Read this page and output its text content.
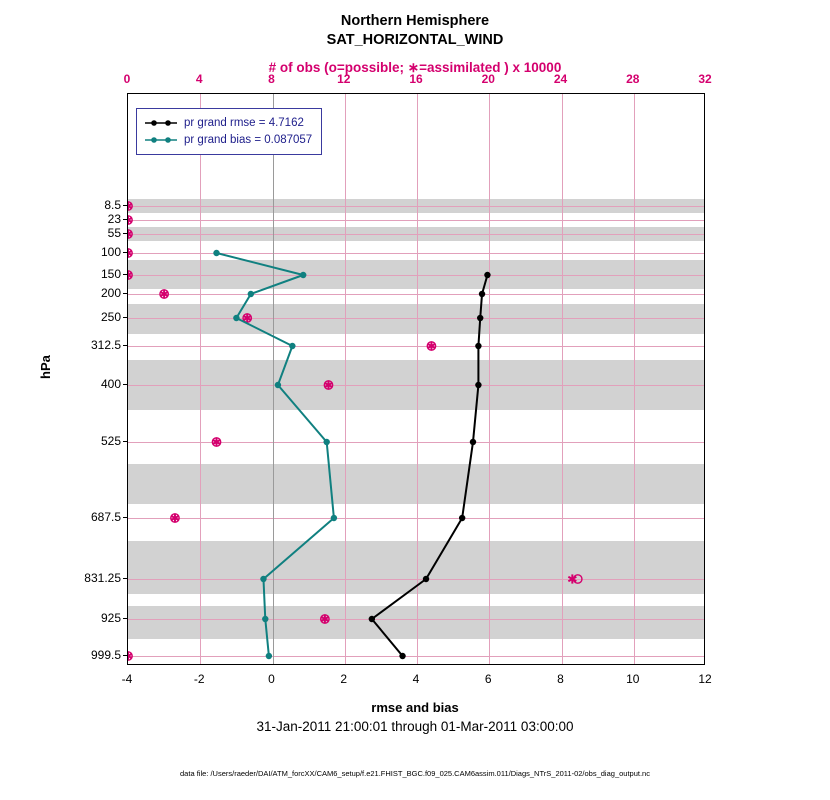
Northern Hemisphere
SAT_HORIZONTAL_WIND
# of obs (o=possible; ∗=assimilated ) x 10000
hPa
pr grand rmse = 4.7162
pr grand bias = 0.087057
rmse and bias
31-Jan-2011 21:00:01 through 01-Mar-2011 03:00:00
data file: /Users/raeder/DAI/ATM_forcXX/CAM6_setup/f.e21.FHIST_BGC.f09_025.CAM6assim.011/Diags_NTrS_2011-02/obs_diag_output.nc
-4	-2	0	2	4	6	8	10	12
0	4	8	12	16	20	24	28	32
8.5
23
55
100
150
200
250
312.5
400
525
687.5
831.25
925
999.5
